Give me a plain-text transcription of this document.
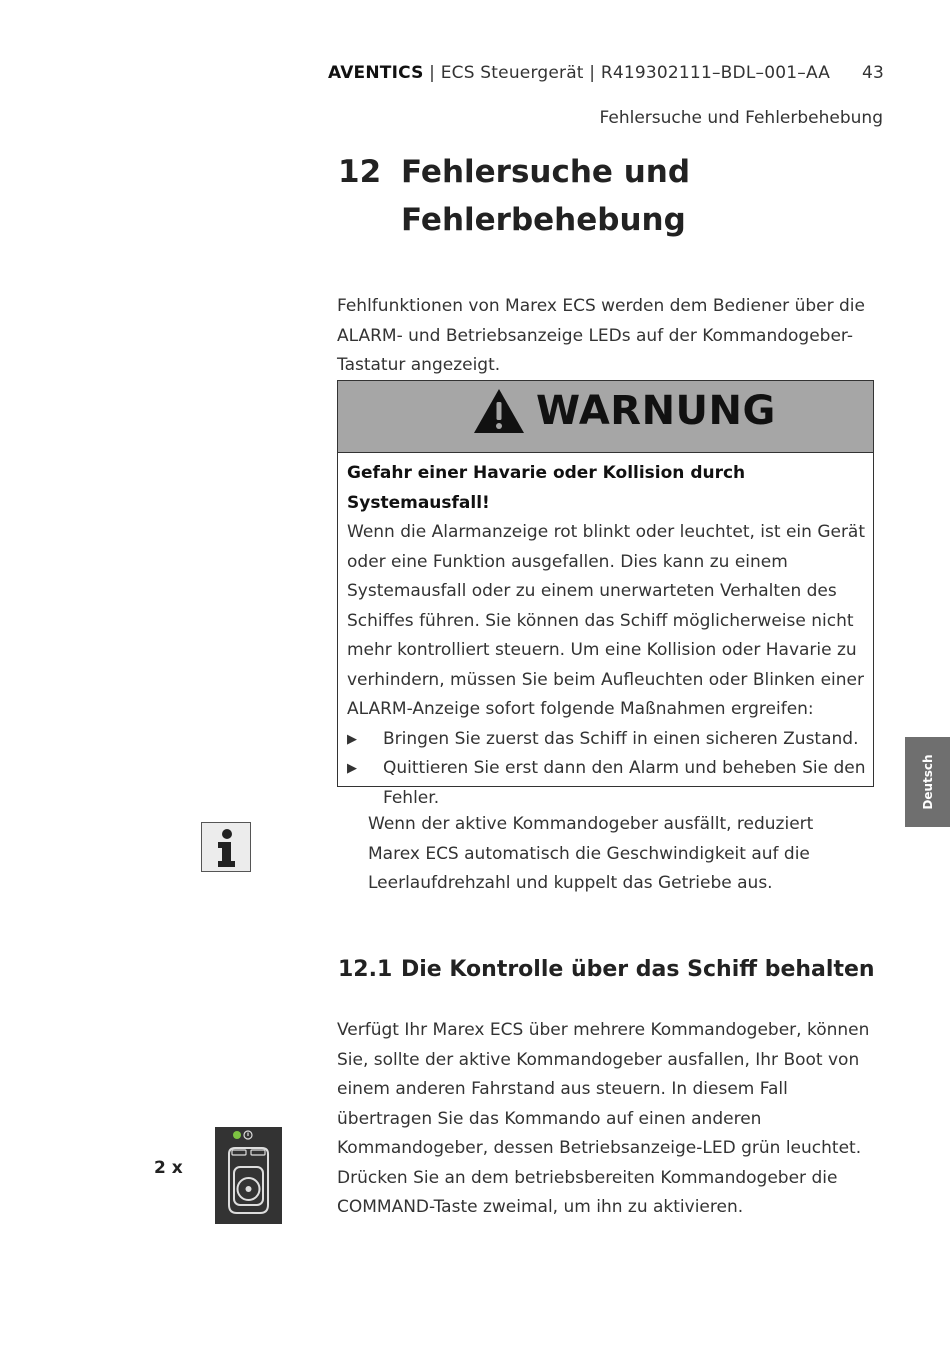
AVENTICS | ECS Steuergerät | R419302111–BDL–001–AA 43
Fehlersuche und Fehlerbehebung
12 Fehlersuche und Fehlerbehebung
Fehlfunktionen von Marex ECS werden dem Bediener über die ALARM- und Betriebsanzeige LEDs auf der Kommandogeber-Tastatur angezeigt.
WARNUNG
Gefahr einer Havarie oder Kollision durch Systemausfall!
Wenn die Alarmanzeige rot blinkt oder leuchtet, ist ein Gerät oder eine Funktion ausgefallen. Dies kann zu einem Systemausfall oder zu einem unerwarteten Verhalten des Schiffes führen. Sie können das Schiff möglicherweise nicht mehr kontrolliert steuern. Um eine Kollision oder Havarie zu verhindern, müssen Sie beim Aufleuchten oder Blinken einer ALARM-Anzeige sofort folgende Maßnahmen ergreifen:
▶ Bringen Sie zuerst das Schiff in einen sicheren Zustand.
▶ Quittieren Sie erst dann den Alarm und beheben Sie den Fehler.
Wenn der aktive Kommandogeber ausfällt, reduziert Marex ECS automatisch die Geschwindigkeit auf die Leerlaufdrehzahl und kuppelt das Getriebe aus.
12.1 Die Kontrolle über das Schiff behalten
Verfügt Ihr Marex ECS über mehrere Kommandogeber, können Sie, sollte der aktive Kommandogeber ausfallen, Ihr Boot von einem anderen Fahrstand aus steuern. In diesem Fall übertragen Sie das Kommando auf einen anderen Kommandogeber, dessen Betriebsanzeige-LED grün leuchtet. Drücken Sie an dem betriebsbereiten Kommandogeber die COMMAND-Taste zweimal, um ihn zu aktivieren.
2 x
Deutsch
